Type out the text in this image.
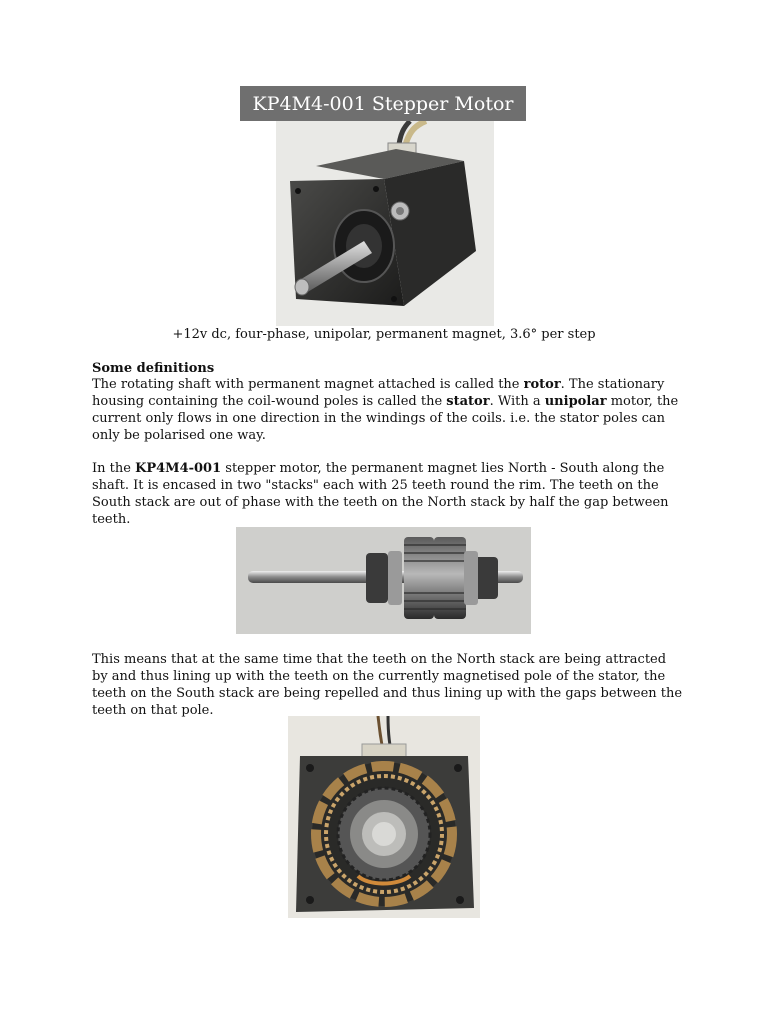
KP4M4-001 Stepper Motor
+12v dc, four-phase, unipolar, permanent magnet, 3.6° per step
Some definitions
The rotating shaft with permanent magnet attached is called the rotor. The stationary housing containing the coil-wound poles is called the stator. With a unipolar motor, the current only flows in one direction in the windings of the coils. i.e. the stator poles can only be polarised one way.
In the KP4M4-001 stepper motor, the permanent magnet lies North - South along the shaft. It is encased in two "stacks" each with 25 teeth round the rim. The teeth on the South stack are out of phase with the teeth on the North stack by half the gap between teeth.
This means that at the same time that the teeth on the North stack are being attracted by and thus lining up with the teeth on the currently magnetised pole of the stator, the teeth on the South stack are being repelled and thus lining up with the gaps between the teeth on that pole.
